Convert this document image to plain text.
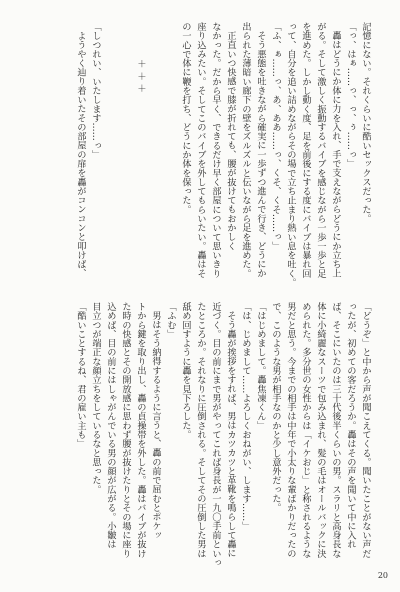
記憶にない。それくらいに酷いセックスだった。
「っ、はぁ……っ、っ、ぅ……っ」
轟はどうにか体に力を入れ、手で支えながらどうにか立ち上
がる。そして激しく振動するバイブを感じながら一歩一歩と足
を進めた。しかし動く度、足を前後にする度にバイブは暴れ回
って、自分を追い詰めながらその場で立ち止まり熱い息を吐く。
「ふ、ぁ……っ、あ、ああ……っ、くそ、くそ……っ」
そう悪態を吐きながら確実に一歩ずつ進んで行き、どうにか
出られた薄暗い廊下の壁をズルズルと伝いながら足を進めた。
正直いつ快感で膝が折れても、腰が抜けてもおかしく
なかった。だから早く、できるだけ早く部屋について思いきり
座り込みたい。そしてこのバイブを外してもらいたい。轟はそ
の一心で体に鞭を打ち、どうにか体を保った。
＋＋＋
「しつれい、いたします……っ」
ようやく辿り着いたその部屋の扉を轟がコンコンと叩けば、
「どうぞ」と中から声が聞こえてくる。聞いたことがない声だ
ったが、初めての客だろうか。轟はその声を聞いて中に入れ
ば、そこにいたのは三十代後半くらいの男。スラリと高身長な
体に小綺麗なスーツで包み込まれ、髪の毛はオールバックに決
められた。多分世の女性からは「イケおじ」と称されるような
男だと思う。今までの相手は中年で小太りな輩ばかりだったの
で、このような男が相手なのかと少し意外だった。
「はじめまして。轟焦凍くん」
「は、じめまして……よろしくおねがい、します……」
そう轟が挨拶をすれば、男はカツカツと革靴を鳴らして轟に
近づく。目の前にまで男がやってこれば身長が一九〇手前といっ
たところか。それなりに圧倒される。そしてその圧倒した男は
舐め回すように轟を見下ろした。
「ふむ」
男はそう納得するように言うと、轟の前で屈むとポケッ
トから鍵を取り出し、轟の貞操帯を外した。轟はバイブが抜け
た時の快感とその開放感に思わず腰が抜けたりとその場に座り
込めば、目の前にはしゃがんでいる男の顔が広がる。小皺は
目立つが端正な顔立ちをしているなと思った。
「酷いことするね、君の雇い主も」
20
